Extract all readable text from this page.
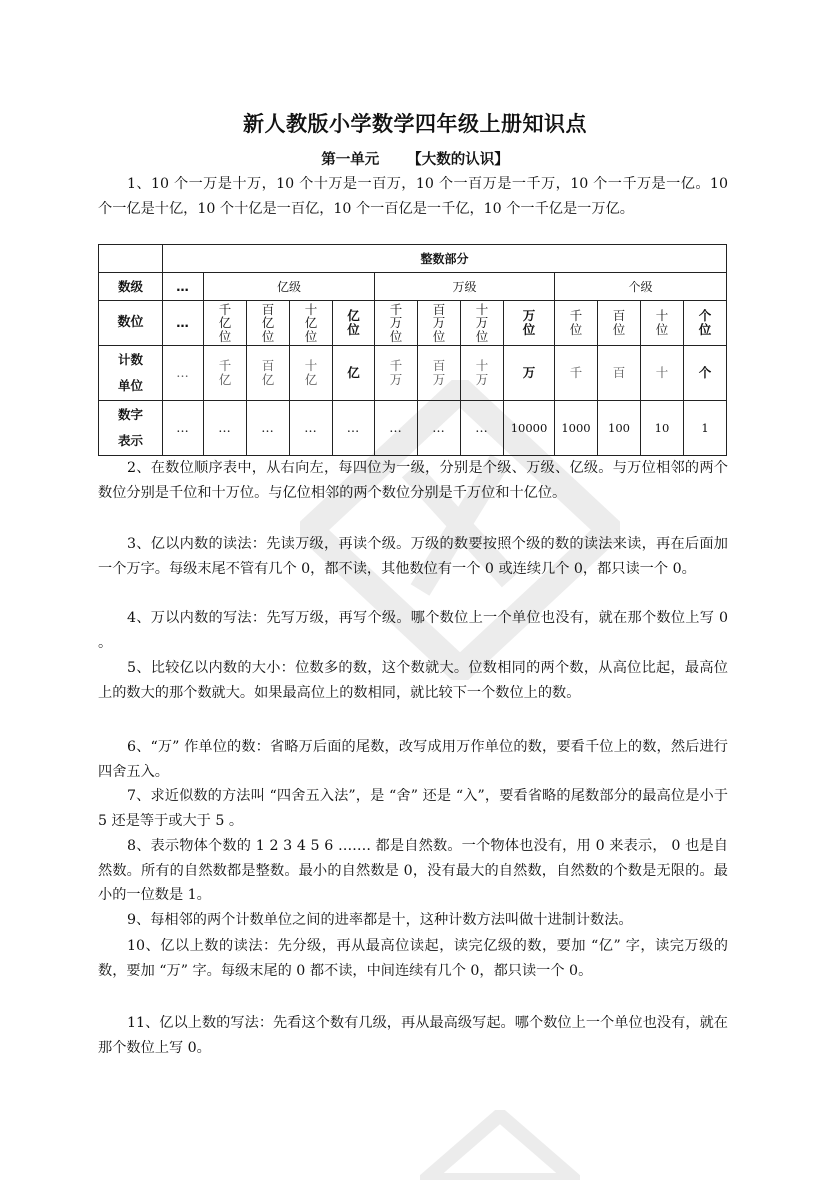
新人教版小学数学四年级上册知识点
第一单元 【大数的认识】

1、10 个一万是十万，10 个十万是一百万，10 个一百万是一千万，10 个一千万是一亿。10 个一亿是十亿，10 个十亿是一百亿，10 个一百亿是一千亿，10 个一千亿是一万亿。

	整数部分												
数级	…	亿级				万级				个级			
数位	…	千亿位	百亿位	十亿位	亿位	千万位	百万位	十万位	万位	千位	百位	十位	个位
计数单位	…	千亿	百亿	十亿	亿	千万	百万	十万	万	千	百	十	个
数字表示	…	…	…	…	…	…	…	…	10000	1000	100	10	1

2、在数位顺序表中，从右向左，每四位为一级，分别是个级、万级、亿级。与万位相邻的两个数位分别是千位和十万位。与亿位相邻的两个数位分别是千万位和十亿位。

3、亿以内数的读法：先读万级，再读个级。万级的数要按照个级的数的读法来读，再在后面加一个万字。每级末尾不管有几个 0，都不读，其他数位有一个 0 或连续几个 0，都只读一个 0。

4、万以内数的写法：先写万级，再写个级。哪个数位上一个单位也没有，就在那个数位上写 0 。

5、比较亿以内数的大小：位数多的数，这个数就大。位数相同的两个数，从高位比起，最高位上的数大的那个数就大。如果最高位上的数相同，就比较下一个数位上的数。

6、“万” 作单位的数：省略万后面的尾数，改写成用万作单位的数，要看千位上的数，然后进行四舍五入。

7、求近似数的方法叫 “四舍五入法”，是 “舍” 还是 “入”，要看省略的尾数部分的最高位是小于 5 还是等于或大于 5 。

8、表示物体个数的 1 2 3 4 5 6 ……. 都是自然数。一个物体也没有，用 0 来表示， 0 也是自然数。所有的自然数都是整数。最小的自然数是 0，没有最大的自然数，自然数的个数是无限的。最小的一位数是 1。

9、每相邻的两个计数单位之间的进率都是十，这种计数方法叫做十进制计数法。

10、亿以上数的读法：先分级，再从最高位读起，读完亿级的数，要加 “亿” 字，读完万级的数，要加 “万” 字。每级末尾的 0 都不读，中间连续有几个 0，都只读一个 0。

11、亿以上数的写法：先看这个数有几级，再从最高级写起。哪个数位上一个单位也没有，就在那个数位上写 0。
